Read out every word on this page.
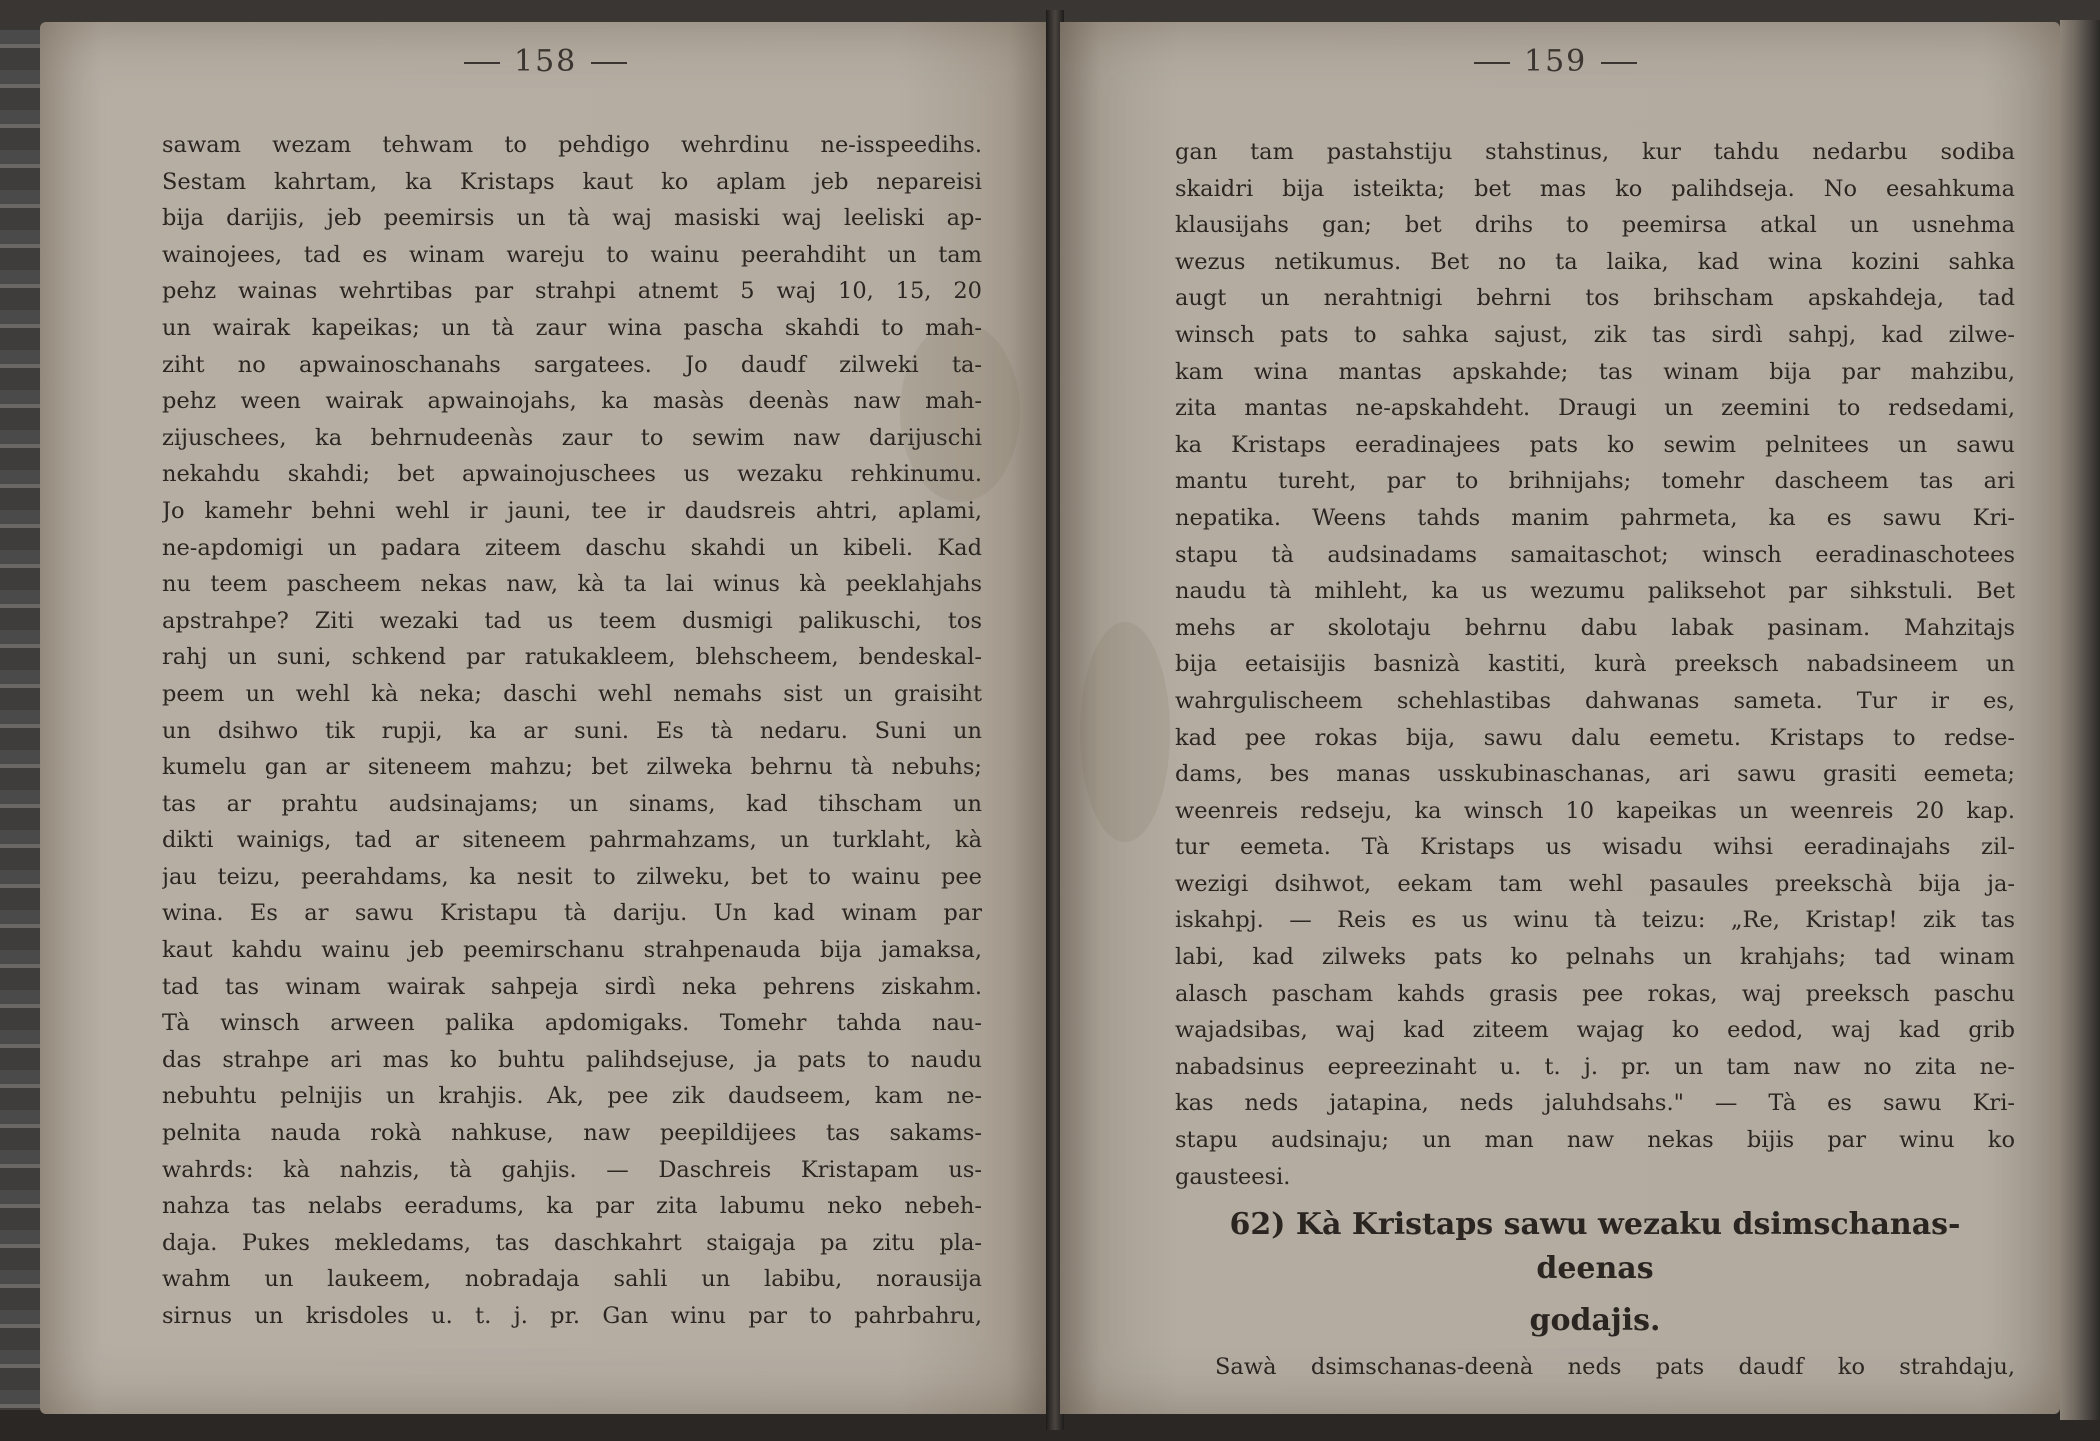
158
sawam wezam tehwam to pehdigo wehrdinu ne-isspeedihs.
Sestam kahrtam, ka Kristaps kaut ko aplam jeb nepareisi
bija darijis, jeb peemirsis un tà waj masiski waj leeliski ap-
wainojees, tad es winam wareju to wainu peerahdiht un tam
pehz wainas wehrtibas par strahpi atnemt 5 waj 10, 15, 20
un wairak kapeikas; un tà zaur wina pascha skahdi to mah-
ziht no apwainoschanahs sargatees. Jo daudf zilweki ta-
pehz ween wairak apwainojahs, ka masàs deenàs naw mah-
zijuschees, ka behrnudeenàs zaur to sewim naw darijuschi
nekahdu skahdi; bet apwainojuschees us wezaku rehkinumu.
Jo kamehr behni wehl ir jauni, tee ir daudsreis ahtri, aplami,
ne-apdomigi un padara ziteem daschu skahdi un kibeli. Kad
nu teem pascheem nekas naw, kà ta lai winus kà peeklahjahs
apstrahpe? Ziti wezaki tad us teem dusmigi palikuschi, tos
rahj un suni, schkend par ratukakleem, blehscheem, bendeskal-
peem un wehl kà neka; daschi wehl nemahs sist un graisiht
un dsihwo tik rupji, ka ar suni. Es tà nedaru. Suni un
kumelu gan ar siteneem mahzu; bet zilweka behrnu tà nebuhs;
tas ar prahtu audsinajams; un sinams, kad tihscham un
dikti wainigs, tad ar siteneem pahrmahzams, un turklaht, kà
jau teizu, peerahdams, ka nesit to zilweku, bet to wainu pee
wina. Es ar sawu Kristapu tà dariju. Un kad winam par
kaut kahdu wainu jeb peemirschanu strahpenauda bija jamaksa,
tad tas winam wairak sahpeja sirdì neka pehrens ziskahm.
Tà winsch arween palika apdomigaks. Tomehr tahda nau-
das strahpe ari mas ko buhtu palihdsejuse, ja pats to naudu
nebuhtu pelnijis un krahjis. Ak, pee zik daudseem, kam ne-
pelnita nauda rokà nahkuse, naw peepildijees tas sakams-
wahrds: kà nahzis, tà gahjis. — Daschreis Kristapam us-
nahza tas nelabs eeradums, ka par zita labumu neko nebeh-
daja. Pukes mekledams, tas daschkahrt staigaja pa zitu pla-
wahm un laukeem, nobradaja sahli un labibu, norausija
sirnus un krisdoles u. t. j. pr. Gan winu par to pahrbahru,
159
gan tam pastahstiju stahstinus, kur tahdu nedarbu sodiba
skaidri bija isteikta; bet mas ko palihdseja. No eesahkuma
klausijahs gan; bet drihs to peemirsa atkal un usnehma
wezus netikumus. Bet no ta laika, kad wina kozini sahka
augt un nerahtnigi behrni tos brihscham apskahdeja, tad
winsch pats to sahka sajust, zik tas sirdì sahpj, kad zilwe-
kam wina mantas apskahde; tas winam bija par mahzibu,
zita mantas ne-apskahdeht. Draugi un zeemini to redsedami,
ka Kristaps eeradinajees pats ko sewim pelnitees un sawu
mantu tureht, par to brihnijahs; tomehr dascheem tas ari
nepatika. Weens tahds manim pahrmeta, ka es sawu Kri-
stapu tà audsinadams samaitaschot; winsch eeradinaschotees
naudu tà mihleht, ka us wezumu paliksehot par sihkstuli. Bet
mehs ar skolotaju behrnu dabu labak pasinam. Mahzitajs
bija eetaisijis basnizà kastiti, kurà preeksch nabadsineem un
wahrgulischeem schehlastibas dahwanas sameta. Tur ir es,
kad pee rokas bija, sawu dalu eemetu. Kristaps to redse-
dams, bes manas usskubinaschanas, ari sawu grasiti eemeta;
weenreis redseju, ka winsch 10 kapeikas un weenreis 20 kap.
tur eemeta. Tà Kristaps us wisadu wihsi eeradinajahs zil-
wezigi dsihwot, eekam tam wehl pasaules preekschà bija ja-
iskahpj. — Reis es us winu tà teizu: „Re, Kristap! zik tas
labi, kad zilweks pats ko pelnahs un krahjahs; tad winam
alasch pascham kahds grasis pee rokas, waj preeksch paschu
wajadsibas, waj kad ziteem wajag ko eedod, waj kad grib
nabadsinus eepreezinaht u. t. j. pr. un tam naw no zita ne-
kas neds jatapina, neds jaluhdsahs." — Tà es sawu Kri-
stapu audsinaju; un man naw nekas bijis par winu ko
gausteesi.
62) Kà Kristaps sawu wezaku dsimschanas-deenas
godajis.
Sawà dsimschanas-deenà neds pats daudf ko strahdaju,
